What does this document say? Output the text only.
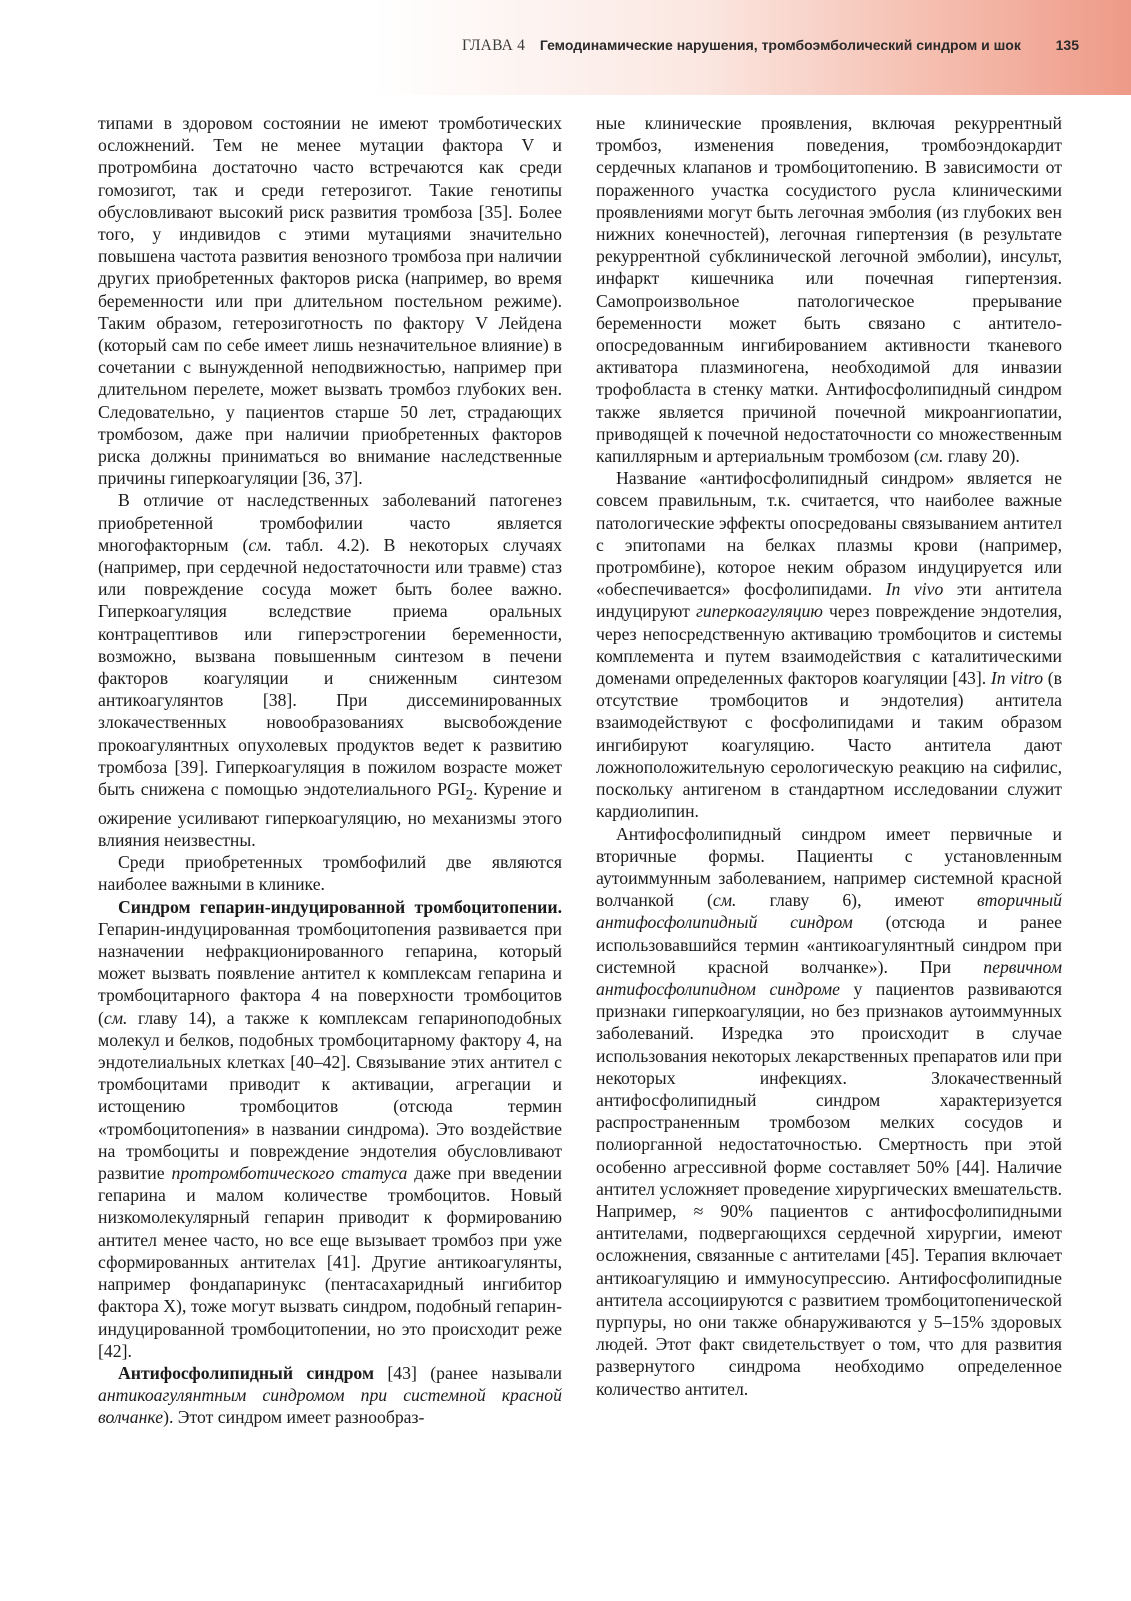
ГЛАВА 4 Гемодинамические нарушения, тромбоэмболический синдром и шок 135

типами в здоровом состоянии не имеют тромботических осложнений. Тем не менее мутации фактора V и протромбина достаточно часто встречаются как среди гомозигот, так и среди гетерозигот. Такие генотипы обусловливают высокий риск развития тромбоза [35]. Более того, у индивидов с этими мутациями значительно повышена частота развития венозного тромбоза при наличии других приобретенных факторов риска (например, во время беременности или при длительном постельном режиме). Таким образом, гетерозиготность по фактору V Лейдена (который сам по себе имеет лишь незначительное влияние) в сочетании с вынужденной неподвижностью, например при длительном перелете, может вызвать тромбоз глубоких вен. Следовательно, у пациентов старше 50 лет, страдающих тромбозом, даже при наличии приобретенных факторов риска должны приниматься во внимание наследственные причины гиперкоагуляции [36, 37].

В отличие от наследственных заболеваний патогенез приобретенной тромбофилии часто является многофакторным (см. табл. 4.2). В некоторых случаях (например, при сердечной недостаточности или травме) стаз или повреждение сосуда может быть более важно. Гиперкоагуляция вследствие приема оральных контрацептивов или гиперэстрогении беременности, возможно, вызвана повышенным синтезом в печени факторов коагуляции и сниженным синтезом антикоагулянтов [38]. При диссеминированных злокачественных новообразованиях высвобождение прокоагулянтных опухолевых продуктов ведет к развитию тромбоза [39]. Гиперкоагуляция в пожилом возрасте может быть снижена с помощью эндотелиального $PGI_2$. Курение и ожирение усиливают гиперкоагуляцию, но механизмы этого влияния неизвестны.

Среди приобретенных тромбофилий две являются наиболее важными в клинике.

Синдром гепарин-индуцированной тромбоцитопении. Гепарин-индуцированная тромбоцитопения развивается при назначении нефракционированного гепарина, который может вызвать появление антител к комплексам гепарина и тромбоцитарного фактора 4 на поверхности тромбоцитов (см. главу 14), а также к комплексам гепариноподобных молекул и белков, подобных тромбоцитарному фактору 4, на эндотелиальных клетках [40–42]. Связывание этих антител с тромбоцитами приводит к активации, агрегации и истощению тромбоцитов (отсюда термин «тромбоцитопения» в названии синдрома). Это воздействие на тромбоциты и повреждение эндотелия обусловливают развитие протромботического статуса даже при введении гепарина и малом количестве тромбоцитов. Новый низкомолекулярный гепарин приводит к формированию антител менее часто, но все еще вызывает тромбоз при уже сформированных антителах [41]. Другие антикоагулянты, например фондапаринукс (пентасахаридный ингибитор фактора X), тоже могут вызвать синдром, подобный гепарин-индуцированной тромбоцитопении, но это происходит реже [42].

Антифосфолипидный синдром [43] (ранее называли антикоагулянтным синдромом при системной красной волчанке). Этот синдром имеет разнообраз-

ные клинические проявления, включая рекуррентный тромбоз, изменения поведения, тромбоэндокардит сердечных клапанов и тромбоцитопению. В зависимости от пораженного участка сосудистого русла клиническими проявлениями могут быть легочная эмболия (из глубоких вен нижних конечностей), легочная гипертензия (в результате рекуррентной субклинической легочной эмболии), инсульт, инфаркт кишечника или почечная гипертензия. Самопроизвольное патологическое прерывание беременности может быть связано с антитело-опосредованным ингибированием активности тканевого активатора плазминогена, необходимой для инвазии трофобласта в стенку матки. Антифосфолипидный синдром также является причиной почечной микроангиопатии, приводящей к почечной недостаточности со множественным капиллярным и артериальным тромбозом (см. главу 20).

Название «антифосфолипидный синдром» является не совсем правильным, т.к. считается, что наиболее важные патологические эффекты опосредованы связыванием антител с эпитопами на белках плазмы крови (например, протромбине), которое неким образом индуцируется или «обеспечивается» фосфолипидами. In vivo эти антитела индуцируют гиперкоагуляцию через повреждение эндотелия, через непосредственную активацию тромбоцитов и системы комплемента и путем взаимодействия с каталитическими доменами определенных факторов коагуляции [43]. In vitro (в отсутствие тромбоцитов и эндотелия) антитела взаимодействуют с фосфолипидами и таким образом ингибируют коагуляцию. Часто антитела дают ложноположительную серологическую реакцию на сифилис, поскольку антигеном в стандартном исследовании служит кардиолипин.

Антифосфолипидный синдром имеет первичные и вторичные формы. Пациенты с установленным аутоиммунным заболеванием, например системной красной волчанкой (см. главу 6), имеют вторичный антифосфолипидный синдром (отсюда и ранее использовавшийся термин «антикоагулянтный синдром при системной красной волчанке»). При первичном антифосфолипидном синдроме у пациентов развиваются признаки гиперкоагуляции, но без признаков аутоиммунных заболеваний. Изредка это происходит в случае использования некоторых лекарственных препаратов или при некоторых инфекциях. Злокачественный антифосфолипидный синдром характеризуется распространенным тромбозом мелких сосудов и полиорганной недостаточностью. Смертность при этой особенно агрессивной форме составляет 50% [44]. Наличие антител усложняет проведение хирургических вмешательств. Например, ≈ 90% пациентов с антифосфолипидными антителами, подвергающихся сердечной хирургии, имеют осложнения, связанные с антителами [45]. Терапия включает антикоагуляцию и иммуносупрессию. Антифосфолипидные антитела ассоциируются с развитием тромбоцитопенической пурпуры, но они также обнаруживаются у 5–15% здоровых людей. Этот факт свидетельствует о том, что для развития развернутого синдрома необходимо определенное количество антител.
